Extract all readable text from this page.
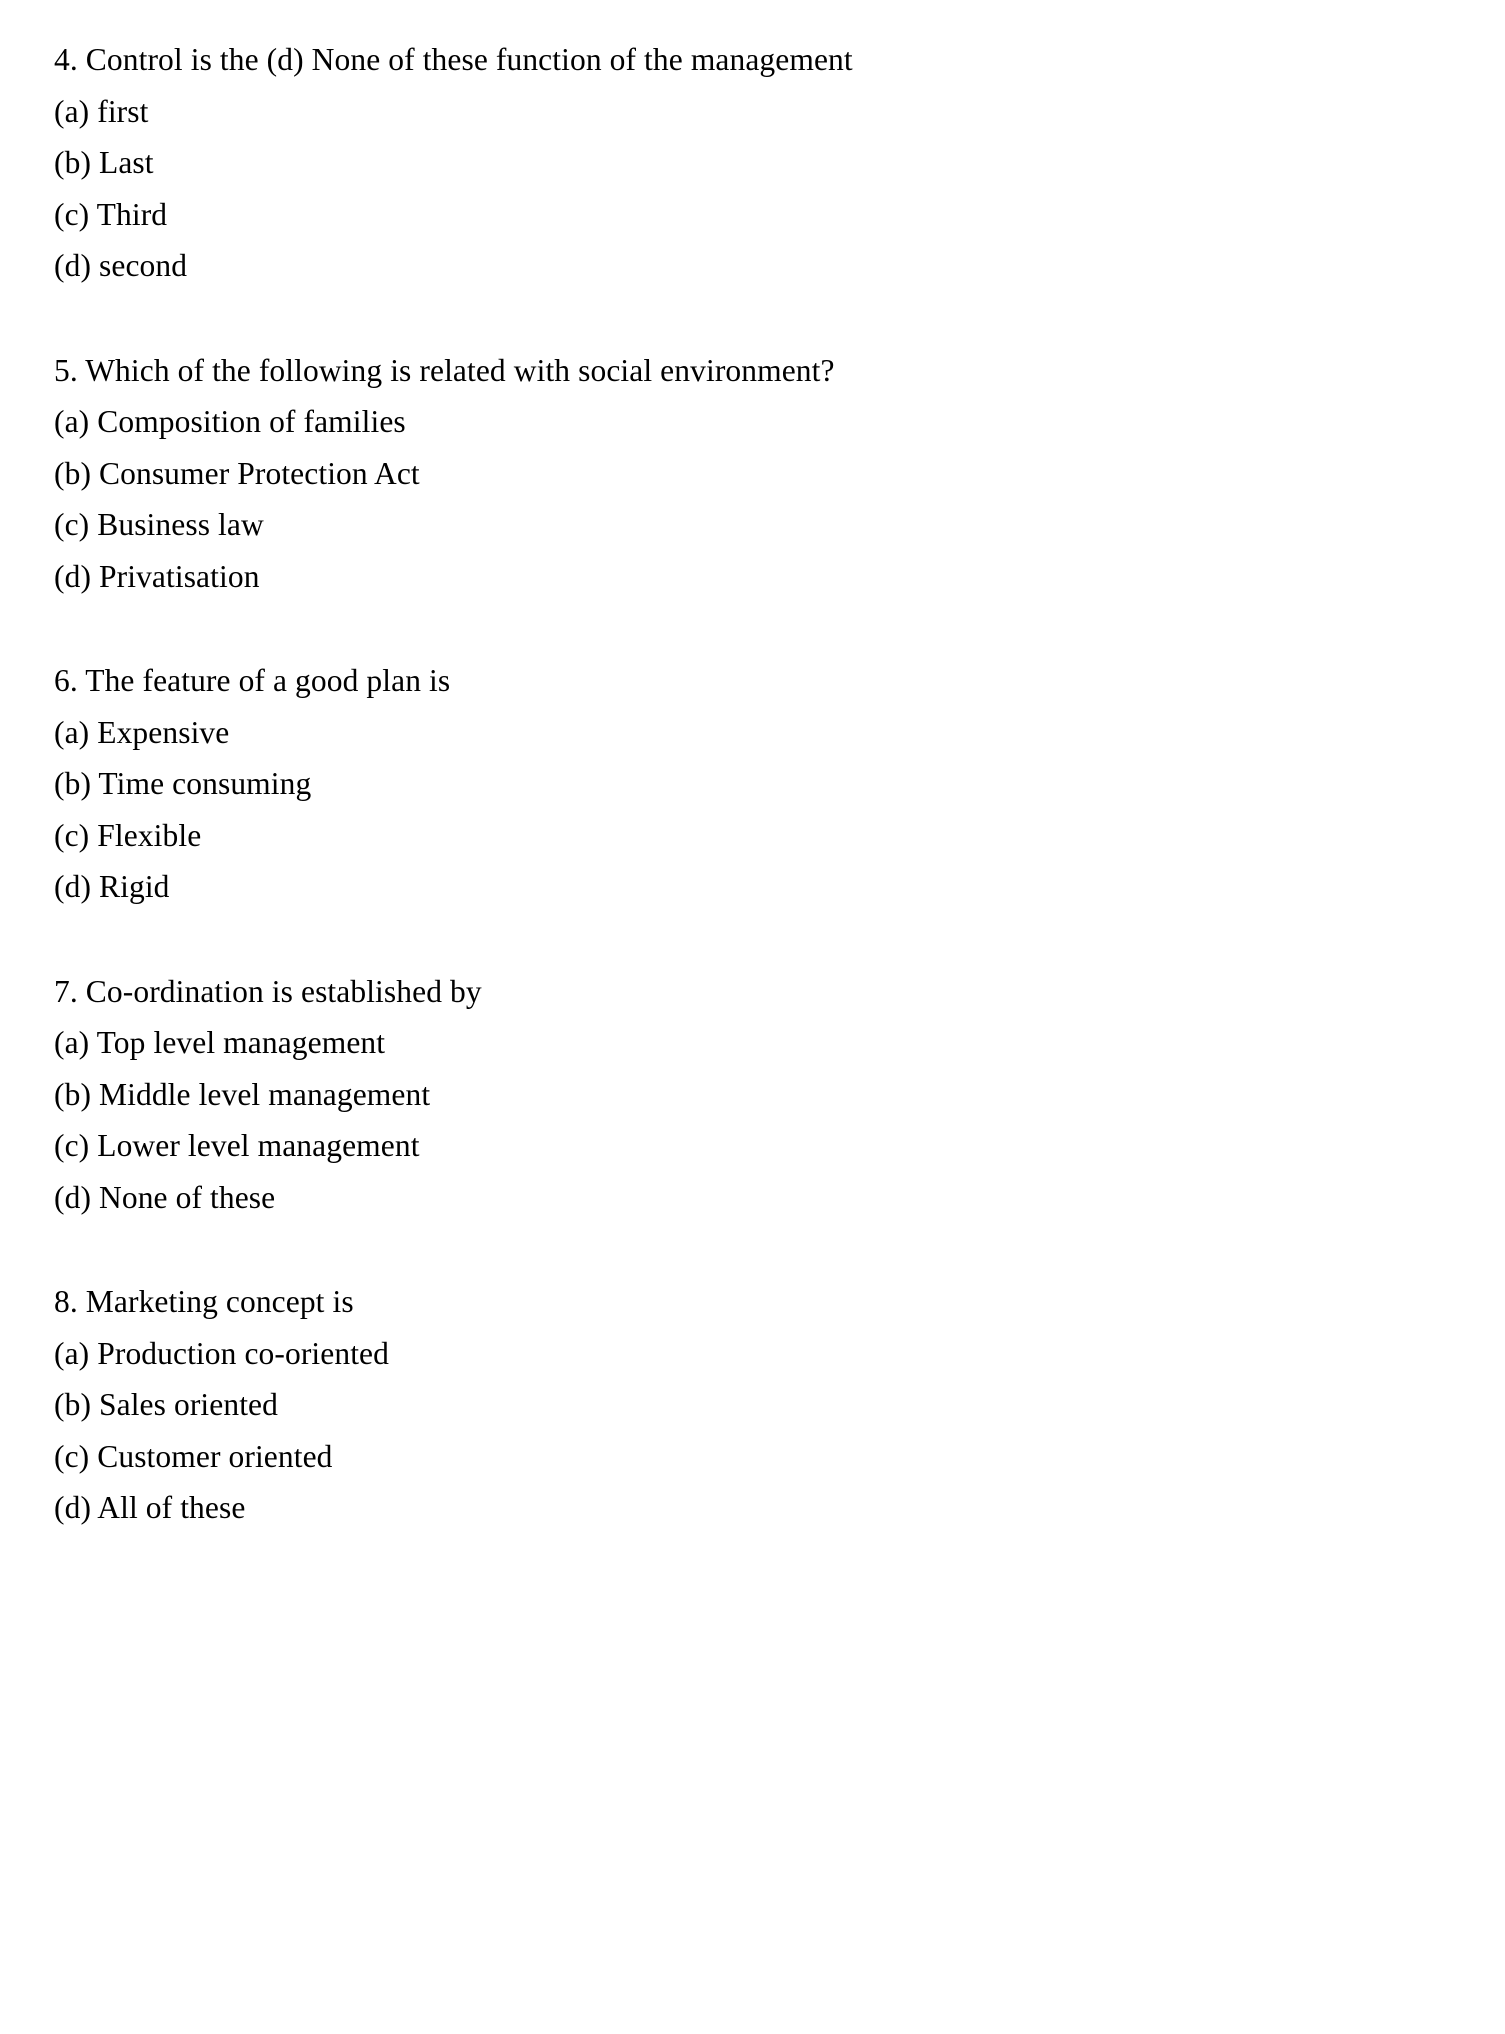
4. Control is the (d) None of these function of the management

(a) first
(b) Last
(c) Third
(d) second

5. Which of the following is related with social environment?

(a) Composition of families
(b) Consumer Protection Act
(c) Business law
(d) Privatisation

6. The feature of a good plan is

(a) Expensive
(b) Time consuming
(c) Flexible
(d) Rigid

7. Co-ordination is established by

(a) Top level management
(b) Middle level management
(c) Lower level management
(d) None of these

8. Marketing concept is

(a) Production co-oriented
(b) Sales oriented
(c) Customer oriented
(d) All of these
